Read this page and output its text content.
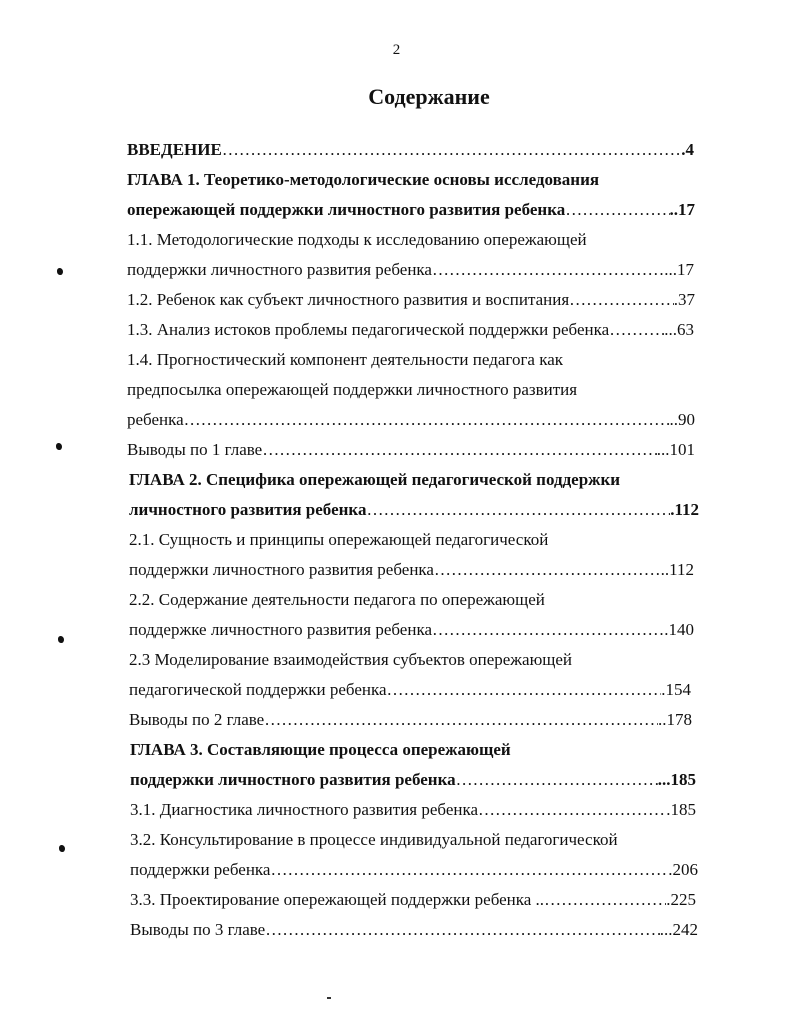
2
Содержание
ВВЕДЕНИЕ …………………………………………………………………………………………………………………………………………	.4
ГЛАВА 1. Теоретико-методологические основы исследования
опережающей поддержки личностного развития ребенка …………………………………………………………………………………………………………………………………………	..17
1.1. Методологические подходы к исследованию опережающей
поддержки личностного развития ребенка …………………………………………………………………………………………………………………………………………	...17
1.2. Ребенок как субъект личностного развития и воспитания …………………………………………………………………………………………………………………………………………	.37
1.3. Анализ истоков проблемы педагогической поддержки ребенка …………………………………………………………………………………………………………………………………………	...63
1.4. Прогностический компонент деятельности педагога как
предпосылка опережающей поддержки личностного развития
ребенка …………………………………………………………………………………………………………………………………………	..90
Выводы по 1 главе …………………………………………………………………………………………………………………………………………	...101
ГЛАВА 2. Специфика опережающей педагогической поддержки
личностного развития ребенка …………………………………………………………………………………………………………………………………………	.112
2.1. Сущность и принципы опережающей педагогической
поддержки личностного развития ребенка …………………………………………………………………………………………………………………………………………	..112
2.2. Содержание деятельности педагога по опережающей
поддержке личностного развития ребенка …………………………………………………………………………………………………………………………………………	.140
2.3 Моделирование взаимодействия субъектов опережающей
педагогической поддержки ребенка …………………………………………………………………………………………………………………………………………	.154
Выводы по 2 главе …………………………………………………………………………………………………………………………………………	..178
ГЛАВА 3. Составляющие процесса опережающей
поддержки личностного развития ребенка …………………………………………………………………………………………………………………………………………	...185
3.1. Диагностика личностного развития ребенка …………………………………………………………………………………………………………………………………………	.185
3.2. Консультирование в процессе индивидуальной педагогической
поддержки ребенка …………………………………………………………………………………………………………………………………………	.206
3.3. Проектирование опережающей поддержки ребенка .. …………………………………………………………………………………………………………………………………………	.225
Выводы по 3 главе …………………………………………………………………………………………………………………………………………	...242
